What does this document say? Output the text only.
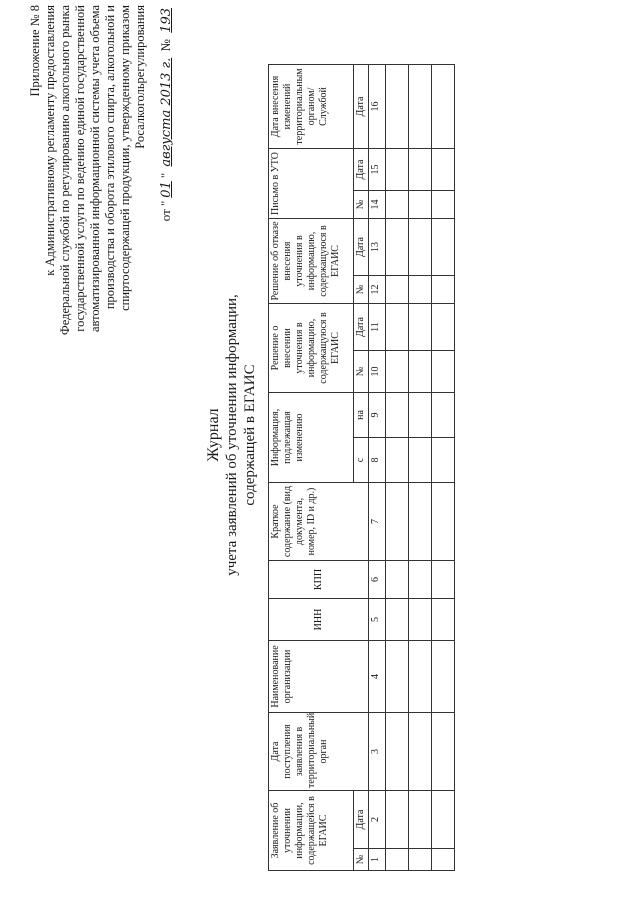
Приложение № 8 к Административному регламенту предоставления Федеральной службой по регулированию алкогольного рынка государственной услуги по ведению единой государственной автоматизированной информационной системы учета объема производства и оборота этилового спирта, алкогольной и спиртосодержащей продукции, утвержденному приказом Росалкогольрегулирования
от "01" августа 2013 г. № 193
Журнал учета заявлений об уточнении информации, содержащей в ЕГАИС
Заявление об уточнении информации, содержащейся в ЕГАИС		Дата поступления заявления в территориальный орган	Наименование организации	ИНН	КПП	Краткое содержание (вид документа, номер, ID и др.)	Информация, подлежащая изменению		Решение о внесении уточнения в информацию, содержащуюся в ЕГАИС		Решение об отказе внесения уточнения в информацию, содержащуюся в ЕГАИС		Письмо в УТО		Дата внесения изменений территориальным органом/ Службой
№	Дата						с	на	№	Дата	№	Дата	№	Дата	Дата
1	2	3	4	5	6	7	8	9	10	11	12	13	14	15	16
